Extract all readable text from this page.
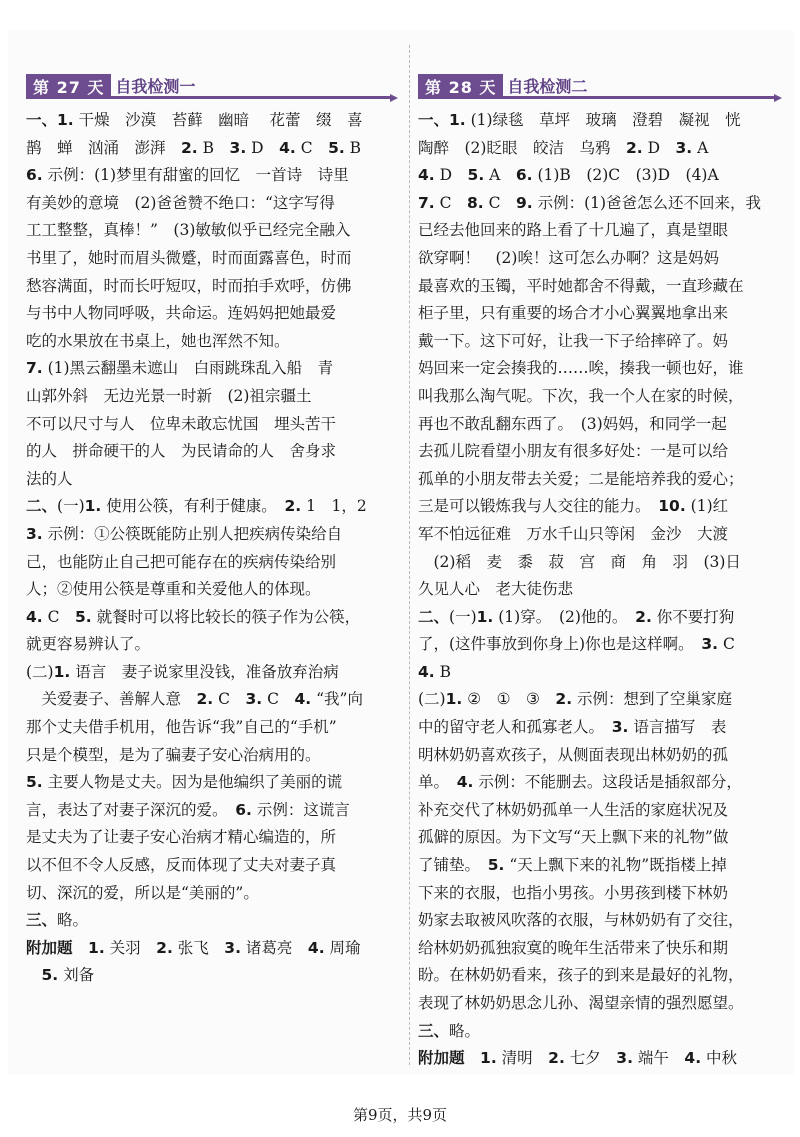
第 27 天 自我检测一
一、1. 干燥　沙漠　苔藓　幽暗　 花蕾　缀　喜
鹊　蝉　汹涌　澎湃　2. B　3. D　4. C　5. B
6. 示例：(1)梦里有甜蜜的回忆　一首诗　诗里
有美妙的意境　(2)爸爸赞不绝口：“这字写得
工工整整，真棒！”　(3)敏敏似乎已经完全融入
书里了，她时而眉头微蹙，时而面露喜色，时而
愁容满面，时而长吁短叹，时而拍手欢呼，仿佛
与书中人物同呼吸，共命运。连妈妈把她最爱
吃的水果放在书桌上，她也浑然不知。
7. (1)黑云翻墨未遮山　白雨跳珠乱入船　青
山郭外斜　无边光景一时新　(2)祖宗疆土
不可以尺寸与人　位卑未敢忘忧国　埋头苦干
的人　拼命硬干的人　为民请命的人　舍身求
法的人
二、(一)1. 使用公筷，有利于健康。　2. 1　1，2
3. 示例：①公筷既能防止别人把疾病传染给自
己，也能防止自己把可能存在的疾病传染给别
人；②使用公筷是尊重和关爱他人的体现。
4. C　5. 就餐时可以将比较长的筷子作为公筷，
就更容易辨认了。
(二)1. 语言　妻子说家里没钱，准备放弃治病
　关爱妻子、善解人意　2. C　3. C　4. “我”向
那个丈夫借手机用，他告诉“我”自己的“手机”
只是个模型，是为了骗妻子安心治病用的。
5. 主要人物是丈夫。因为是他编织了美丽的谎
言，表达了对妻子深沉的爱。　6. 示例：这谎言
是丈夫为了让妻子安心治病才精心编造的，所
以不但不令人反感，反而体现了丈夫对妻子真
切、深沉的爱，所以是“美丽的”。
三、略。
附加题　 1. 关羽　2. 张飞　3. 诸葛亮　4. 周瑜
　5. 刘备
第 28 天 自我检测二
一、1. (1)绿毯　草坪　玻璃　澄碧　凝视　恍
陶醉　(2)眨眼　皎洁　乌鸦　2. D　3. A
4. D　5. A　6. (1)B　(2)C　(3)D　(4)A
7. C　8. C　9. 示例：(1)爸爸怎么还不回来，我
已经去他回来的路上看了十几遍了，真是望眼
欲穿啊！　(2)唉！这可怎么办啊？这是妈妈
最喜欢的玉镯，平时她都舍不得戴，一直珍藏在
柜子里，只有重要的场合才小心翼翼地拿出来
戴一下。这下可好，让我一下子给摔碎了。妈
妈回来一定会揍我的……唉，揍我一顿也好，谁
叫我那么淘气呢。下次，我一个人在家的时候，
再也不敢乱翻东西了。　(3)妈妈，和同学一起
去孤儿院看望小朋友有很多好处：一是可以给
孤单的小朋友带去关爱；二是能培养我的爱心；
三是可以锻炼我与人交往的能力。　10. (1)红
军不怕远征难　万水千山只等闲　金沙　大渡
　(2)稻　麦　黍　菽　宫　商　角　羽　(3)日
久见人心　老大徒伤悲
二、(一)1. (1)穿。　(2)他的。　2. 你不要打狗
了，(这件事放到你身上)你也是这样啊。　3. C
4. B
(二)1. ②　①　③　2. 示例：想到了空巢家庭
中的留守老人和孤寡老人。　3. 语言描写　表
明林奶奶喜欢孩子，从侧面表现出林奶奶的孤
单。　4. 示例：不能删去。这段话是插叙部分，
补充交代了林奶奶孤单一人生活的家庭状况及
孤僻的原因。为下文写“天上飘下来的礼物”做
了铺垫。　5. “天上飘下来的礼物”既指楼上掉
下来的衣服，也指小男孩。小男孩到楼下林奶
奶家去取被风吹落的衣服，与林奶奶有了交往，
给林奶奶孤独寂寞的晚年生活带来了快乐和期
盼。在林奶奶看来，孩子的到来是最好的礼物，
表现了林奶奶思念儿孙、渴望亲情的强烈愿望。
三、略。
附加题　 1. 清明　2. 七夕　3. 端午　4. 中秋
第9页，共9页
